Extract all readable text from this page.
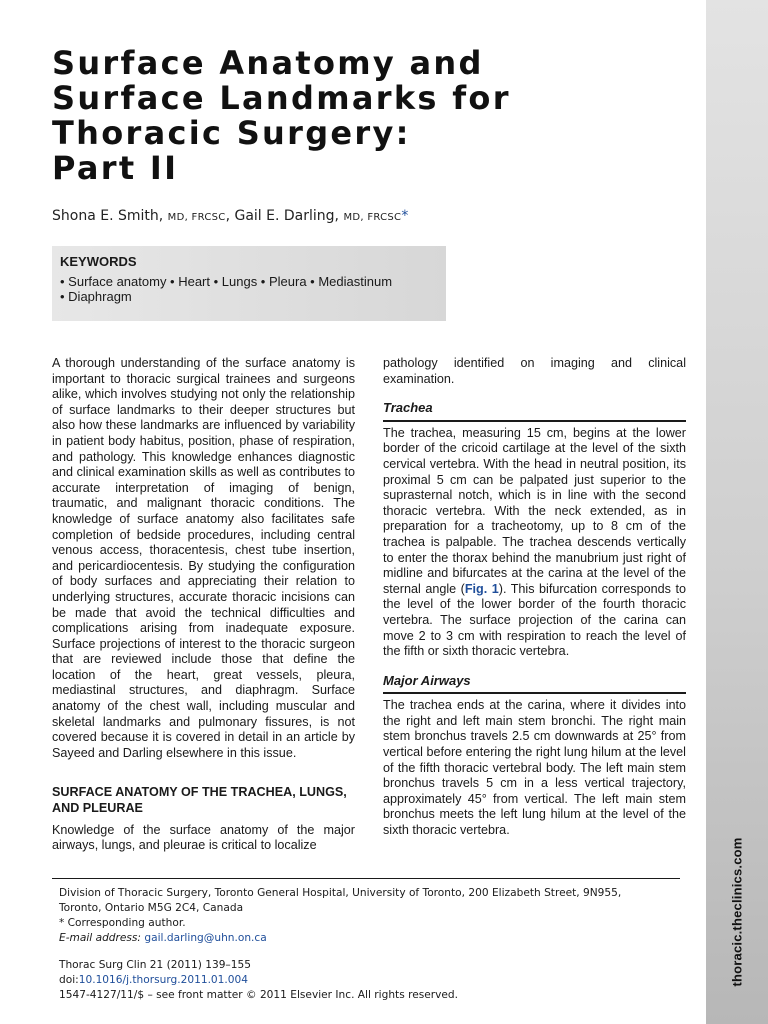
thoracic.theclinics.com
Surface Anatomy and
Surface Landmarks for
Thoracic Surgery:
Part II
Shona E. Smith, MD, FRCSC, Gail E. Darling, MD, FRCSC*
KEYWORDS
• Surface anatomy • Heart • Lungs • Pleura • Mediastinum
• Diaphragm

A thorough understanding of the surface anatomy is important to thoracic surgical trainees and surgeons alike, which involves studying not only the relationship of surface landmarks to their deeper structures but also how these landmarks are influenced by variability in patient body habitus, position, phase of respiration, and pathology. This knowledge enhances diagnostic and clinical examination skills as well as contributes to accurate interpretation of imaging of benign, traumatic, and malignant thoracic conditions. The knowledge of surface anatomy also facilitates safe completion of bedside procedures, including central venous access, thoracentesis, chest tube insertion, and pericardiocentesis. By studying the configuration of body surfaces and appreciating their relation to underlying structures, accurate thoracic incisions can be made that avoid the technical difficulties and complications arising from inadequate exposure. Surface projections of interest to the thoracic surgeon that are reviewed include those that define the location of the heart, great vessels, pleura, mediastinal structures, and diaphragm. Surface anatomy of the chest wall, including muscular and skeletal landmarks and pulmonary fissures, is not covered because it is covered in detail in an article by Sayeed and Darling elsewhere in this issue.

SURFACE ANATOMY OF THE TRACHEA, LUNGS, AND PLEURAE

Knowledge of the surface anatomy of the major airways, lungs, and pleurae is critical to localize

pathology identified on imaging and clinical examination.

Trachea

The trachea, measuring 15 cm, begins at the lower border of the cricoid cartilage at the level of the sixth cervical vertebra. With the head in neutral position, its proximal 5 cm can be palpated just superior to the suprasternal notch, which is in line with the second thoracic vertebra. With the neck extended, as in preparation for a tracheotomy, up to 8 cm of the trachea is palpable. The trachea descends vertically to enter the thorax behind the manubrium just right of midline and bifurcates at the carina at the level of the sternal angle (Fig. 1). This bifurcation corresponds to the level of the lower border of the fourth thoracic vertebra. The surface projection of the carina can move 2 to 3 cm with respiration to reach the level of the fifth or sixth thoracic vertebra.

Major Airways

The trachea ends at the carina, where it divides into the right and left main stem bronchi. The right main stem bronchus travels 2.5 cm downwards at 25° from vertical before entering the right lung hilum at the level of the fifth thoracic vertebral body. The left main stem bronchus travels 5 cm in a less vertical trajectory, approximately 45° from vertical. The left main stem bronchus meets the left lung hilum at the level of the sixth thoracic vertebra.

Division of Thoracic Surgery, Toronto General Hospital, University of Toronto, 200 Elizabeth Street, 9N955,
Toronto, Ontario M5G 2C4, Canada
* Corresponding author.
E-mail address: gail.darling@uhn.on.ca
Thorac Surg Clin 21 (2011) 139–155
doi:10.1016/j.thorsurg.2011.01.004
1547-4127/11/$ – see front matter © 2011 Elsevier Inc. All rights reserved.
